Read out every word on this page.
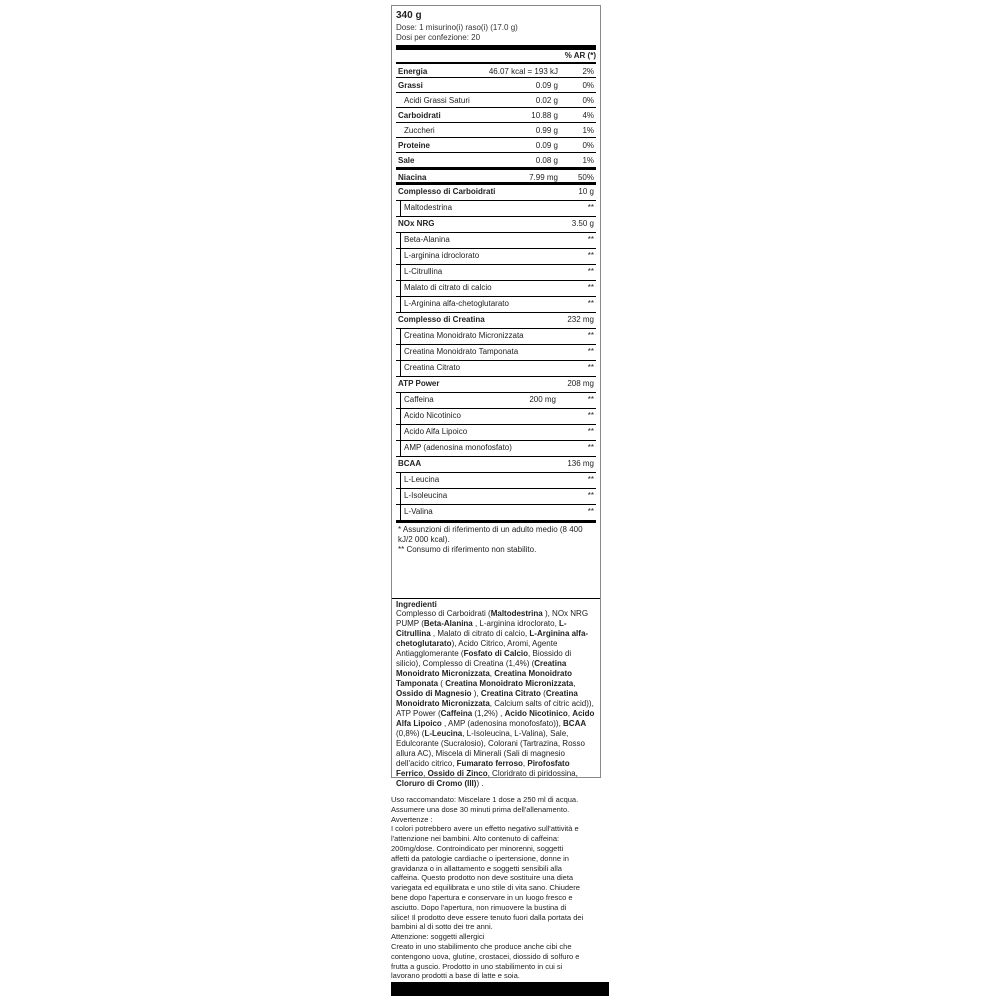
340 g
Dose: 1 misurino(i) raso(i) (17.0 g)
Dosi per confezione: 20
% AR (*)
Energia	46.07 kcal = 193 kJ	2%
Grassi	0.09 g	0%
Acidi Grassi Saturi	0.02 g	0%
Carboidrati	10.88 g	4%
Zuccheri	0.99 g	1%
Proteine	0.09 g	0%
Sale	0.08 g	1%
Niacina	7.99 mg 50%
Complesso di Carboidrati	10 g
Maltodestrina	**
NOx NRG	3.50 g
Beta-Alanina	**
L-arginina idroclorato	**
L-Citrullina	**
Malato di citrato di calcio	**
L-Arginina alfa-chetoglutarato	**
Complesso di Creatina	232 mg
Creatina Monoidrato Micronizzata	**
Creatina Monoidrato Tamponata	**
Creatina Citrato	**
ATP Power	208 mg
Caffeina	200 mg	**
Acido Nicotinico	**
Acido Alfa Lipoico	**
AMP (adenosina monofosfato)	**
BCAA	136 mg
L-Leucina	**
L-Isoleucina	**
L-Valina	**
* Assunzioni di riferimento di un adulto medio (8 400 kJ/2 000 kcal).
** Consumo di riferimento non stabilito.
Ingredienti
Complesso di Carboidrati (Maltodestrina ), NOx NRG PUMP (Beta-Alanina , L-arginina idroclorato, L-Citrullina , Malato di citrato di calcio, L-Arginina alfa-chetoglutarato), Acido Citrico, Aromi, Agente Antiagglomerante (Fosfato di Calcio, Biossido di silicio), Complesso di Creatina (1,4%) (Creatina Monoidrato Micronizzata, Creatina Monoidrato Tamponata ( Creatina Monoidrato Micronizzata, Ossido di Magnesio ), Creatina Citrato (Creatina Monoidrato Micronizzata, Calcium salts of citric acid)), ATP Power (Caffeina (1,2%) , Acido Nicotinico, Acido Alfa Lipoico , AMP (adenosina monofosfato)), BCAA (0,8%) (L-Leucina, L-Isoleucina, L-Valina), Sale, Edulcorante (Sucralosio), Colorani (Tartrazina, Rosso allura AC), Miscela di Minerali (Sali di magnesio dell'acido citrico, Fumarato ferroso, Pirofosfato Ferrico, Ossido di Zinco, Cloridrato di piridossina, Cloruro di Cromo (III)) .
Uso raccomandato: Miscelare 1 dose a 250 ml di acqua.
Assumere una dose 30 minuti prima dell'allenamento.
Avvertenze :
I colori potrebbero avere un effetto negativo sull'attività e
l'attenzione nei bambini. Alto contenuto di caffeina:
200mg/dose. Controindicato per minorenni, soggetti
affetti da patologie cardiache o ipertensione, donne in
gravidanza o in allattamento e soggetti sensibili alla
caffeina. Questo prodotto non deve sostituire una dieta
variegata ed equilibrata e uno stile di vita sano. Chiudere
bene dopo l'apertura e conservare in un luogo fresco e
asciutto. Dopo l'apertura, non rimuovere la bustina di
silice! Il prodotto deve essere tenuto fuori dalla portata dei
bambini al di sotto dei tre anni.
Attenzione: soggetti allergici
Creato in uno stabilimento che produce anche cibi che
contengono uova, glutine, crostacei, diossido di solfuro e
frutta a guscio. Prodotto in uno stabilimento in cui si
lavorano prodotti a base di latte e soia.
